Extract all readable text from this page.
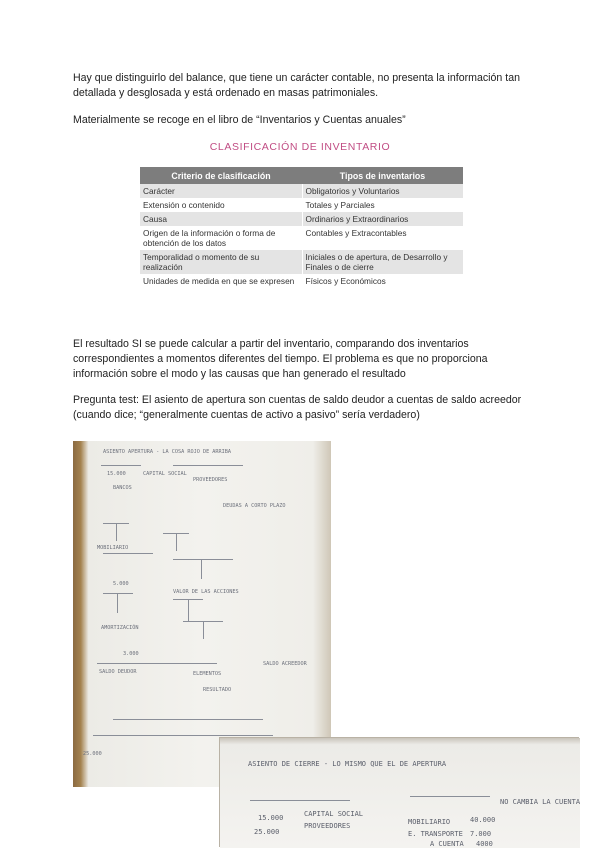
Hay que distinguirlo del balance, que tiene un carácter contable, no presenta la información tan detallada y desglosada y está ordenado en masas patrimoniales.

Materialmente se recoge en el libro de “Inventarios y Cuentas anuales”

CLASIFICACIÓN DE INVENTARIO
Criterio de clasificación	Tipos de inventarios
Carácter	Obligatorios y Voluntarios
Extensión o contenido	Totales y Parciales
Causa	Ordinarios y Extraordinarios
Origen de la información o forma de obtención de los datos	Contables y Extracontables
Temporalidad o momento de su realización	Iniciales o de apertura, de Desarrollo y Finales o de cierre
Unidades de medida en que se expresen	Físicos y Económicos

El resultado SI se puede calcular a partir del inventario, comparando dos inventarios correspondientes a momentos diferentes del tiempo. El problema es que no proporciona información sobre el modo y las causas que han generado el resultado

Pregunta test: El asiento de apertura son cuentas de saldo deudor a cuentas de saldo acreedor (cuando dice; “generalmente cuentas de activo a pasivo” sería verdadero)

ASIENTO APERTURA - LA COSA ROJO DE ARRIBA
15.000	CAPITAL SOCIAL
PROVEEDORES
BANCOS
DEUDAS A CORTO PLAZO
MOBILIARIO
5.000
VALOR DE LAS ACCIONES
AMORTIZACIÓN
3.000
SALDO DEUDOR	ELEMENTOS
SALDO ACREEDOR
RESULTADO
25.000
ASIENTO DE CIERRE - LO MISMO QUE EL DE APERTURA
NO CAMBIA LA CUENTA
15.000	CAPITAL SOCIAL
25.000
PROVEEDORES	MOBILIARIO	40.000
E. TRANSPORTE 7.000
A CUENTA 4000
